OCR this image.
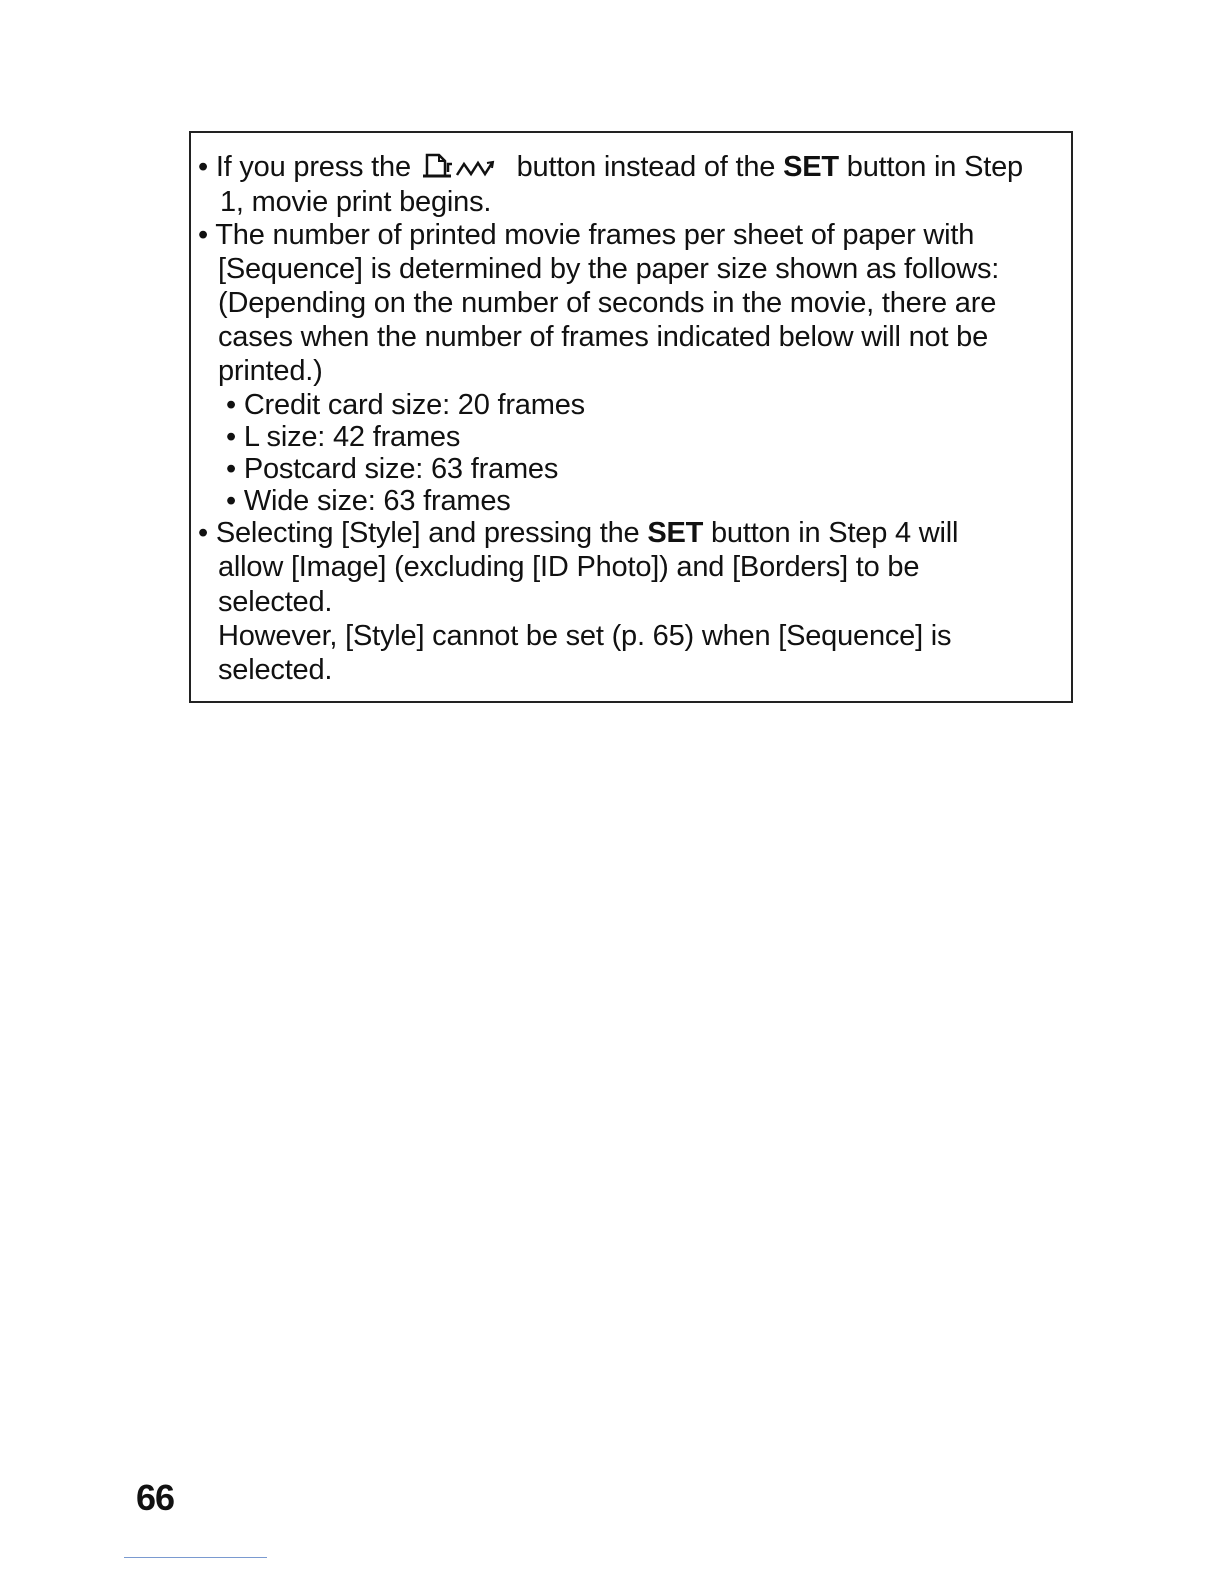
• If you press the	button instead of the SET button in Step
1, movie print begins.
• The number of printed movie frames per sheet of paper with
[Sequence] is determined by the paper size shown as follows:
(Depending on the number of seconds in the movie, there are
cases when the number of frames indicated below will not be
printed.)
• Credit card size: 20 frames
• L size: 42 frames
• Postcard size: 63 frames
• Wide size: 63 frames
• Selecting [Style] and pressing the SET button in Step 4 will
allow [Image] (excluding [ID Photo]) and [Borders] to be
selected.
However, [Style] cannot be set (p. 65) when [Sequence] is
selected.
66
